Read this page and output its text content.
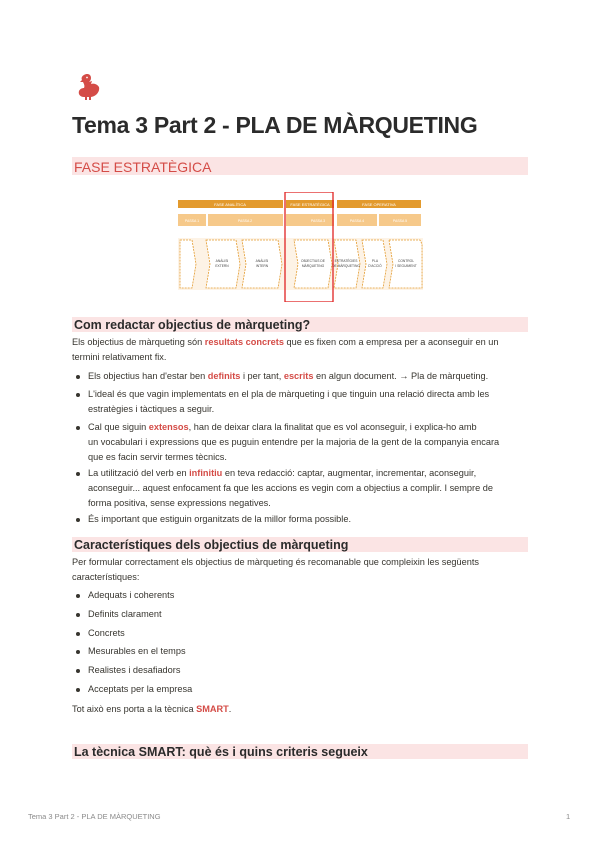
Tema 3 Part 2 - PLA DE MÀRQUETING
FASE ESTRATÈGICA
FASE ANALÍTICA	FASE ESTRATÈGICA	FASE OPERATIVA
PASSA 1	PASSA 2	PASSA 3	PASSA 4	PASSA 5
ANÀLISI
EXTERN
ANÀLISI
INTERN
OBJECTIUS DE
MÀRQUETING
ESTRATÈGIES
DE MÀRQUETING
PLA
D'ACCIÓ
CONTROL
I SEGUIMENT
Com redactar objectius de màrqueting?
Els objectius de màrqueting són resultats concrets que es fixen com a empresa per a aconseguir en un
termini relativament fix.
Els objectius han d'estar ben definits i per tant, escrits en algun document. → Pla de màrqueting.
L'ideal és que vagin implementats en el pla de màrqueting i que tinguin una relació directa amb les
estratègies i tàctiques a seguir.
Cal que siguin extensos, han de deixar clara la finalitat que es vol aconseguir, i explica-ho amb
un vocabulari i expressions que es puguin entendre per la majoria de la gent de la companyia encara
que es facin servir termes tècnics.
La utilització del verb en infinitiu en teva redacció: captar, augmentar, incrementar, aconseguir,
aconseguir... aquest enfocament fa que les accions es vegin com a objectius a complir. I sempre de
forma positiva, sense expressions negatives.
És important que estiguin organitzats de la millor forma possible.
Característiques dels objectius de màrqueting
Per formular correctament els objectius de màrqueting és recomanable que compleixin les següents
característiques:
Adequats i coherents
Definits clarament
Concrets
Mesurables en el temps
Realistes i desafiadors
Acceptats per la empresa
Tot això ens porta a la tècnica SMART.
La tècnica SMART: què és i quins criteris segueix
Tema 3 Part 2 - PLA DE MÀRQUETING	1
